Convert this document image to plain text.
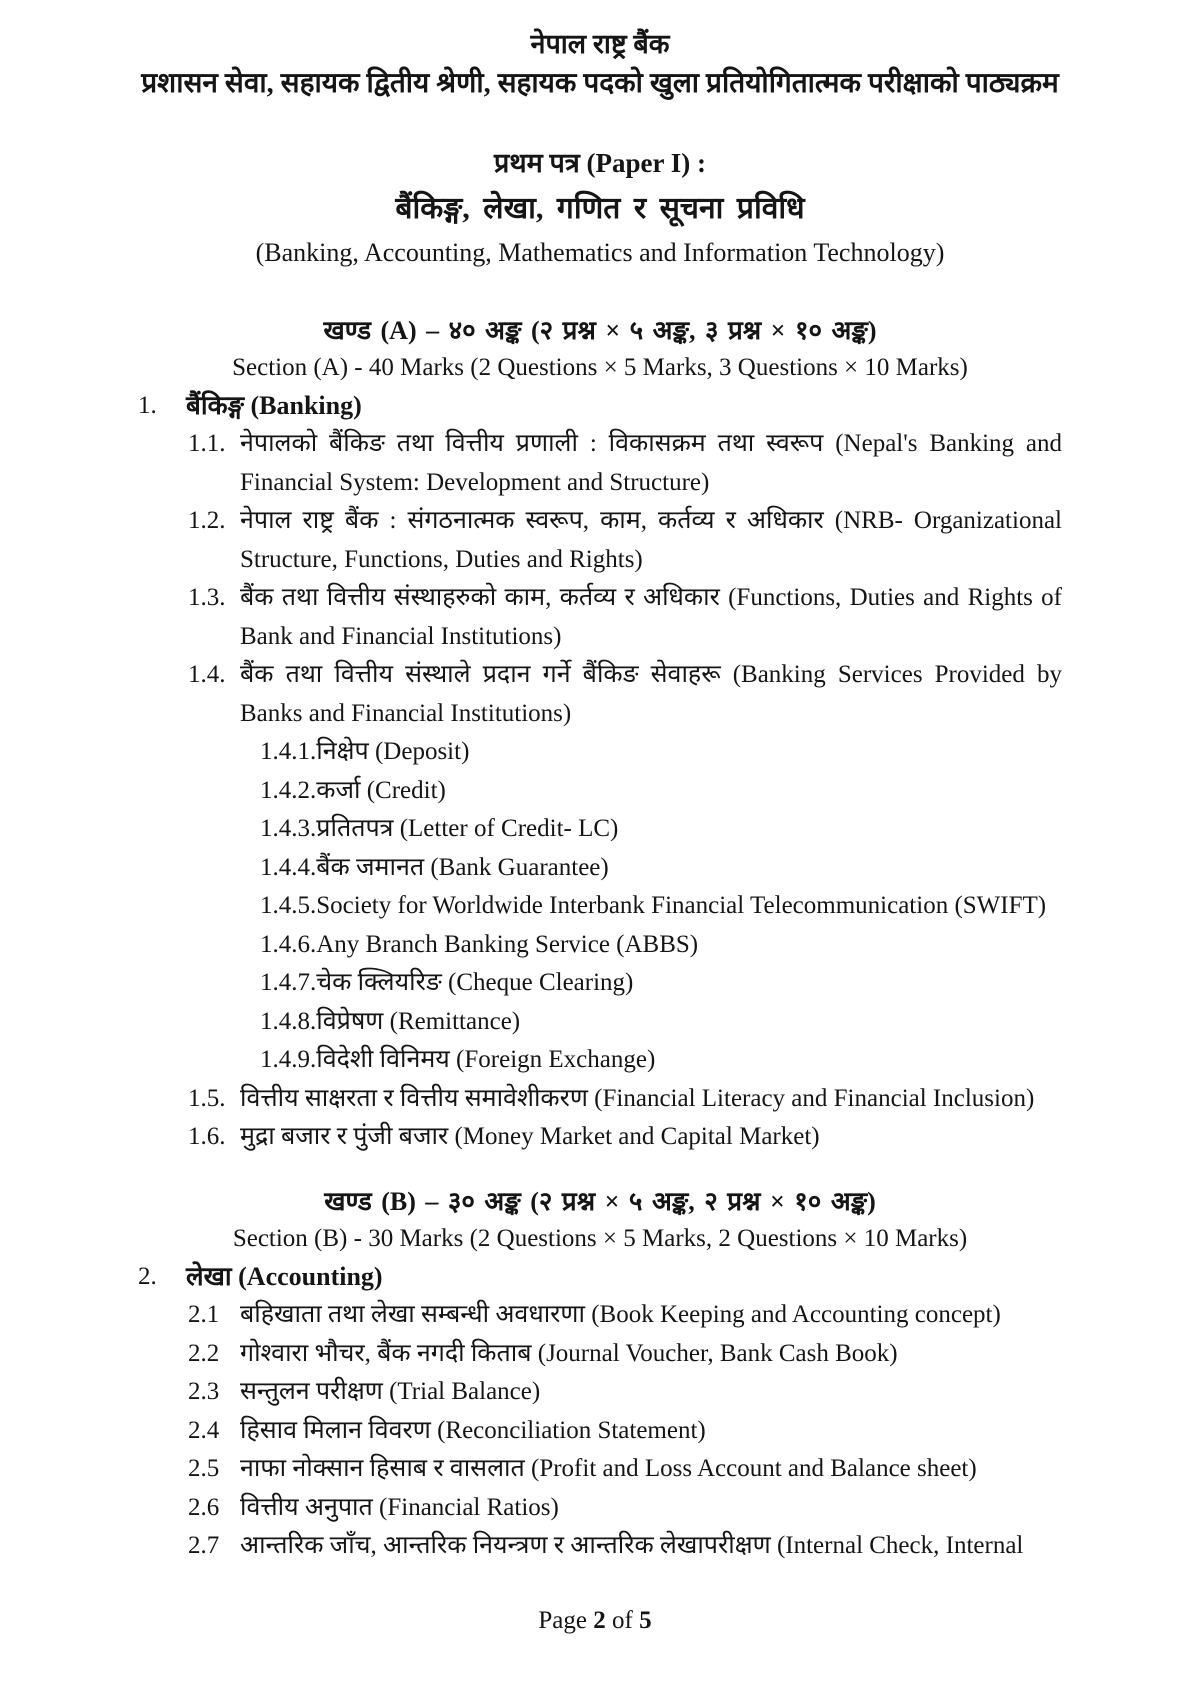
नेपाल राष्ट्र बैंक
प्रशासन सेवा, सहायक द्वितीय श्रेणी, सहायक पदको खुला प्रतियोगितात्मक परीक्षाको पाठ्यक्रम
प्रथम पत्र (Paper I) :
बैंकिङ्ग, लेखा, गणित र सूचना प्रविधि
(Banking, Accounting, Mathematics and Information Technology)
खण्ड (A) – ४० अङ्क (२ प्रश्न × ५ अङ्क, ३ प्रश्न × १० अङ्क)
Section (A) - 40 Marks (2 Questions × 5 Marks, 3 Questions × 10 Marks)
1.	बैंकिङ्ग (Banking)
1.1. नेपालको बैंकिङ तथा वित्तीय प्रणाली : विकासक्रम तथा स्वरूप (Nepal's Banking and Financial System: Development and Structure)
1.2. नेपाल राष्ट्र बैंक : संगठनात्मक स्वरूप, काम, कर्तव्य र अधिकार (NRB- Organizational Structure, Functions, Duties and Rights)
1.3. बैंक तथा वित्तीय संस्थाहरुको काम, कर्तव्य र अधिकार (Functions, Duties and Rights of Bank and Financial Institutions)
1.4. बैंक तथा वित्तीय संस्थाले प्रदान गर्ने बैंकिङ सेवाहरू (Banking Services Provided by Banks and Financial Institutions)
1.4.1. निक्षेप (Deposit)
1.4.2. कर्जा (Credit)
1.4.3. प्रतितपत्र (Letter of Credit- LC)
1.4.4. बैंक जमानत (Bank Guarantee)
1.4.5. Society for Worldwide Interbank Financial Telecommunication (SWIFT)
1.4.6. Any Branch Banking Service (ABBS)
1.4.7. चेक क्लियरिङ (Cheque Clearing)
1.4.8. विप्रेषण (Remittance)
1.4.9. विदेशी विनिमय (Foreign Exchange)
1.5. वित्तीय साक्षरता र वित्तीय समावेशीकरण (Financial Literacy and Financial Inclusion)
1.6. मुद्रा बजार र पुंजी बजार (Money Market and Capital Market)
खण्ड (B) – ३० अङ्क (२ प्रश्न × ५ अङ्क, २ प्रश्न × १० अङ्क)
Section (B) - 30 Marks (2 Questions × 5 Marks, 2 Questions × 10 Marks)
2.	लेखा (Accounting)
2.1 बहिखाता तथा लेखा सम्बन्धी अवधारणा (Book Keeping and Accounting concept)
2.2 गोश्वारा भौचर, बैंक नगदी किताब (Journal Voucher, Bank Cash Book)
2.3 सन्तुलन परीक्षण (Trial Balance)
2.4 हिसाव मिलान विवरण (Reconciliation Statement)
2.5 नाफा नोक्सान हिसाब र वासलात (Profit and Loss Account and Balance sheet)
2.6 वित्तीय अनुपात (Financial Ratios)
2.7 आन्तरिक जाँच, आन्तरिक नियन्त्रण र आन्तरिक लेखापरीक्षण (Internal Check, Internal
Page 2 of 5
